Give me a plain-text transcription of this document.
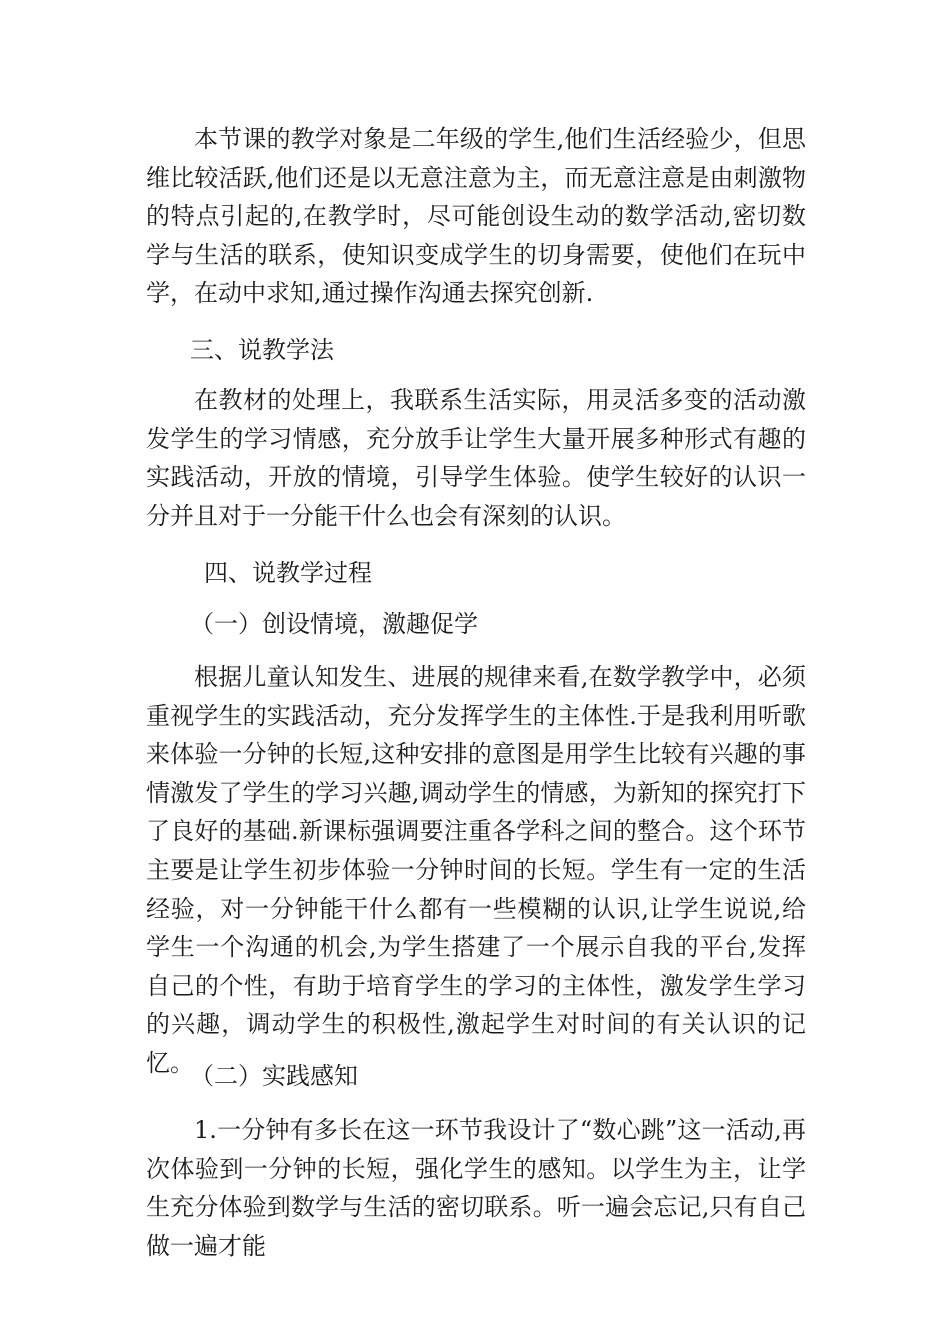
本节课的教学对象是二年级的学生,他们生活经验少，但思维比较活跃,他们还是以无意注意为主，而无意注意是由刺激物的特点引起的,在教学时，尽可能创设生动的数学活动,密切数学与生活的联系，使知识变成学生的切身需要，使他们在玩中学，在动中求知,通过操作沟通去探究创新.

三、说教学法

在教材的处理上，我联系生活实际，用灵活多变的活动激发学生的学习情感，充分放手让学生大量开展多种形式有趣的实践活动，开放的情境，引导学生体验。使学生较好的认识一分并且对于一分能干什么也会有深刻的认识。

四、说教学过程

（一）创设情境，激趣促学

根据儿童认知发生、进展的规律来看,在数学教学中，必须重视学生的实践活动，充分发挥学生的主体性.于是我利用听歌来体验一分钟的长短,这种安排的意图是用学生比较有兴趣的事情激发了学生的学习兴趣,调动学生的情感，为新知的探究打下了良好的基础.新课标强调要注重各学科之间的整合。这个环节主要是让学生初步体验一分钟时间的长短。学生有一定的生活经验，对一分钟能干什么都有一些模糊的认识,让学生说说,给学生一个沟通的机会,为学生搭建了一个展示自我的平台,发挥自己的个性，有助于培育学生的学习的主体性，激发学生学习的兴趣，调动学生的积极性,激起学生对时间的有关认识的记忆。

（二）实践感知

1.一分钟有多长在这一环节我设计了“数心跳”这一活动,再次体验到一分钟的长短，强化学生的感知。以学生为主，让学生充分体验到数学与生活的密切联系。听一遍会忘记,只有自己做一遍才能
